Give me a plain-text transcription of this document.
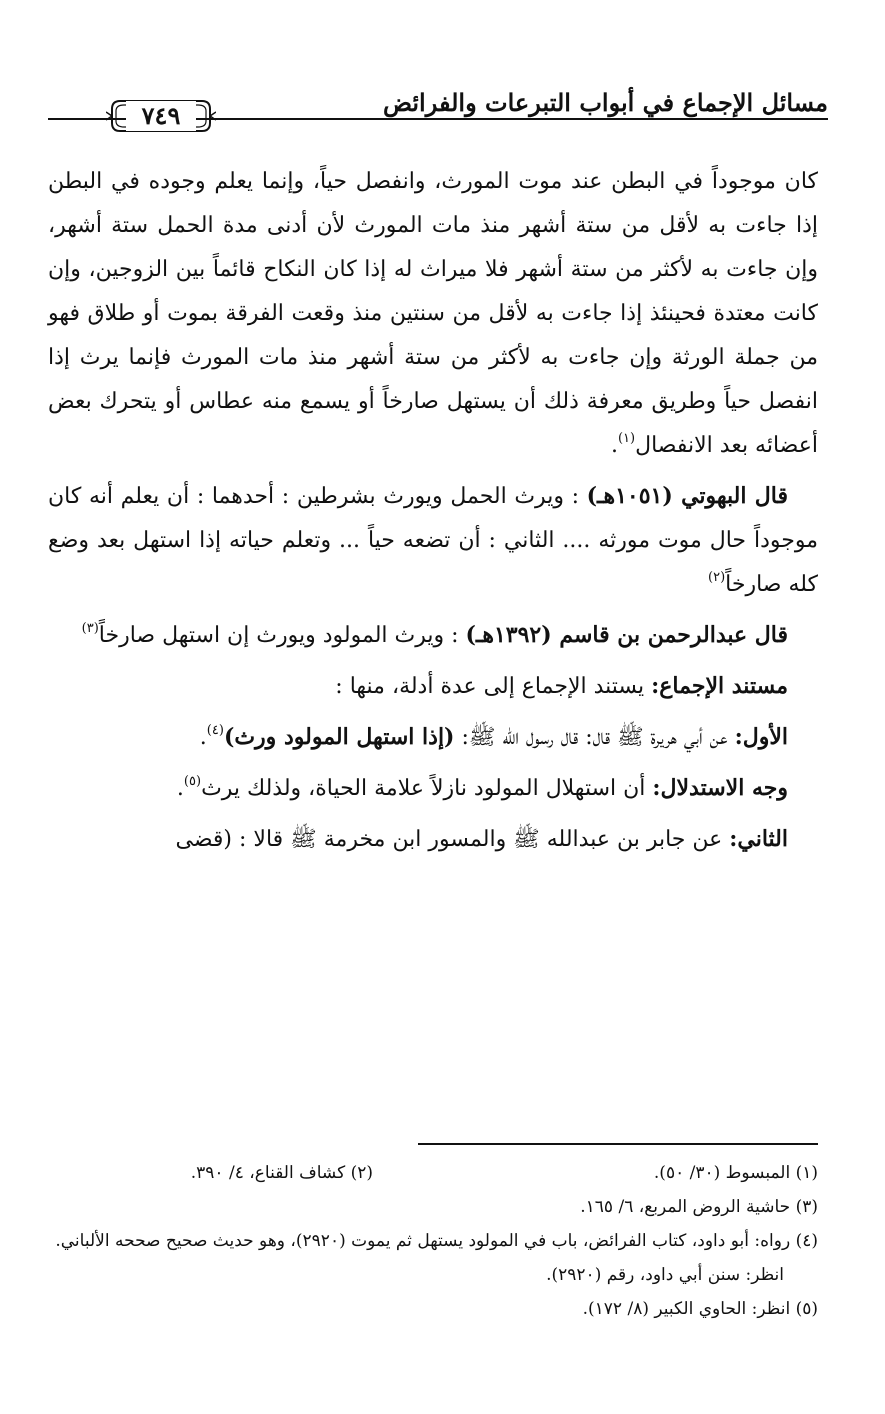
مسائل الإجماع في أبواب التبرعات والفرائض
٧٤٩

كان موجوداً في البطن عند موت المورث، وانفصل حياً، وإنما يعلم وجوده في البطن إذا جاءت به لأقل من ستة أشهر منذ مات المورث لأن أدنى مدة الحمل ستة أشهر، وإن جاءت به لأكثر من ستة أشهر فلا ميراث له إذا كان النكاح قائماً بين الزوجين، وإن كانت معتدة فحينئذ إذا جاءت به لأقل من سنتين منذ وقعت الفرقة بموت أو طلاق فهو من جملة الورثة وإن جاءت به لأكثر من ستة أشهر منذ مات المورث فإنما يرث إذا انفصل حياً وطريق معرفة ذلك أن يستهل صارخاً أو يسمع منه عطاس أو يتحرك بعض أعضائه بعد الانفصال$^{(١)}$.

قال البهوتي (١٠٥١هـ) : ويرث الحمل ويورث بشرطين : أحدهما : أن يعلم أنه كان موجوداً حال موت مورثه .... الثاني : أن تضعه حياً ... وتعلم حياته إذا استهل بعد وضع كله صارخاً$^{(٢)}$

قال عبدالرحمن بن قاسم (١٣٩٢هـ) : ويرث المولود ويورث إن استهل صارخاً$^{(٣)}$

مستند الإجماع: يستند الإجماع إلى عدة أدلة، منها :

الأول: عن أبي هريرة ﷺ قال: قال رسول الله ﷺ: (إذا استهل المولود ورث)$^{(٤)}$.

وجه الاستدلال: أن استهلال المولود نازلاً علامة الحياة، ولذلك يرث$^{(٥)}$.

الثاني: عن جابر بن عبدالله ﷺ والمسور ابن مخرمة ﷺ قالا : (قضى

(١) المبسوط (٣٠/ ٥٠).
(٢) كشاف القناع، ٤/ ٣٩٠.

(٣) حاشية الروض المربع، ٦/ ١٦٥.

(٤) رواه: أبو داود، كتاب الفرائض، باب في المولود يستهل ثم يموت (٢٩٢٠)، وهو حديث صحيح صححه الألباني. انظر: سنن أبي داود، رقم (٢٩٢٠).

(٥) انظر: الحاوي الكبير (٨/ ١٧٢).
